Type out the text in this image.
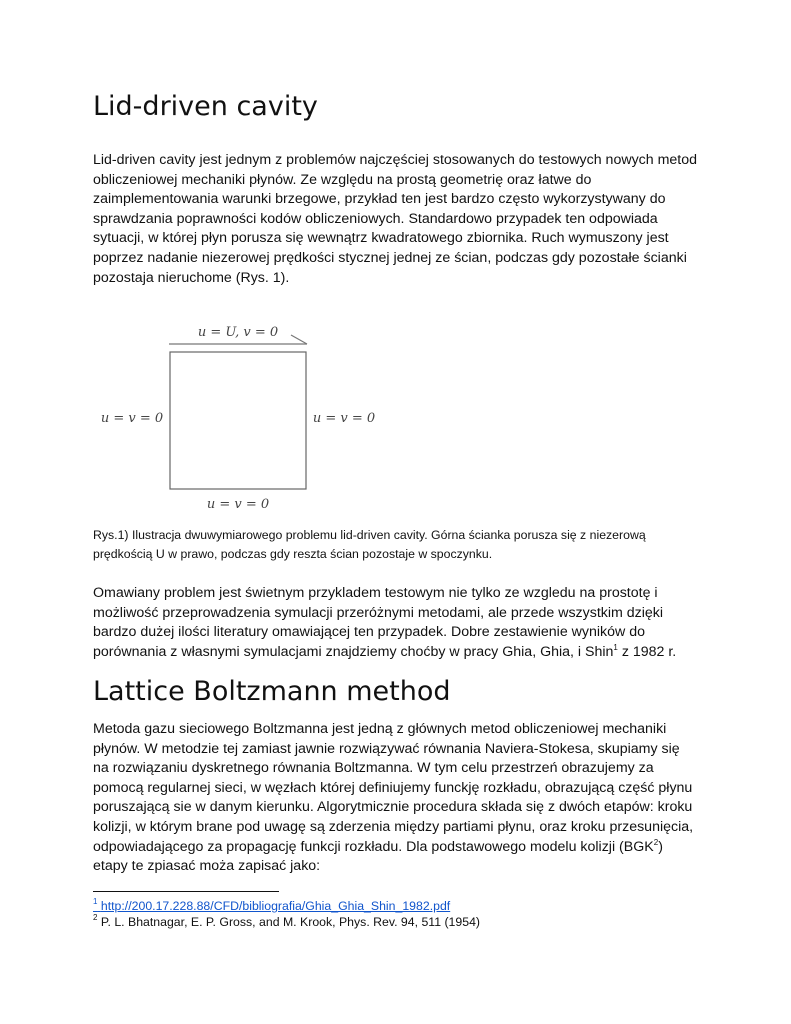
Lid-driven cavity
Lid-driven cavity jest jednym z problemów najczęściej stosowanych do testowych nowych metod
obliczeniowej mechaniki płynów. Ze względu na prostą geometrię oraz łatwe do
zaimplementowania warunki brzegowe, przykład ten jest bardzo często wykorzystywany do
sprawdzania poprawności kodów obliczeniowych. Standardowo przypadek ten odpowiada
sytuacji, w której płyn porusza się wewnątrz kwadratowego zbiornika. Ruch wymuszony jest
poprzez nadanie niezerowej prędkości stycznej jednej ze ścian, podczas gdy pozostałe ścianki
pozostaja nieruchome (Rys. 1).
u = U, v = 0
u = v = 0	u = v = 0
u = v = 0
Rys.1) Ilustracja dwuwymiarowego problemu lid-driven cavity. Górna ścianka porusza się z niezerową
prędkością U w prawo, podczas gdy reszta ścian pozostaje w spoczynku.
Omawiany problem jest świetnym przykladem testowym nie tylko ze wzgledu na prostotę i
możliwość przeprowadzenia symulacji przeróżnymi metodami, ale przede wszystkim dzięki
bardzo dużej ilości literatury omawiającej ten przypadek. Dobre zestawienie wyników do
porównania z własnymi symulacjami znajdziemy choćby w pracy Ghia, Ghia, i Shin$^1$ z 1982 r.
Lattice Boltzmann method
Metoda gazu sieciowego Boltzmanna jest jedną z głównych metod obliczeniowej mechaniki
płynów. W metodzie tej zamiast jawnie rozwiązywać równania Naviera-Stokesa, skupiamy się
na rozwiązaniu dyskretnego równania Boltzmanna. W tym celu przestrzeń obrazujemy za
pomocą regularnej sieci, w węzłach której definiujemy funckję rozkładu, obrazującą część płynu
poruszającą sie w danym kierunku. Algorytmicznie procedura składa się z dwóch etapów: kroku
kolizji, w którym brane pod uwagę są zderzenia między partiami płynu, oraz kroku przesunięcia,
odpowiadającego za propagację funkcji rozkładu. Dla podstawowego modelu kolizji (BGK$^2$)
etapy te zpiasać moża zapisać jako:
$^1$ http://200.17.228.88/CFD/bibliografia/Ghia_Ghia_Shin_1982.pdf
$^2$ P. L. Bhatnagar, E. P. Gross, and M. Krook, Phys. Rev. 94, 511 (1954)
